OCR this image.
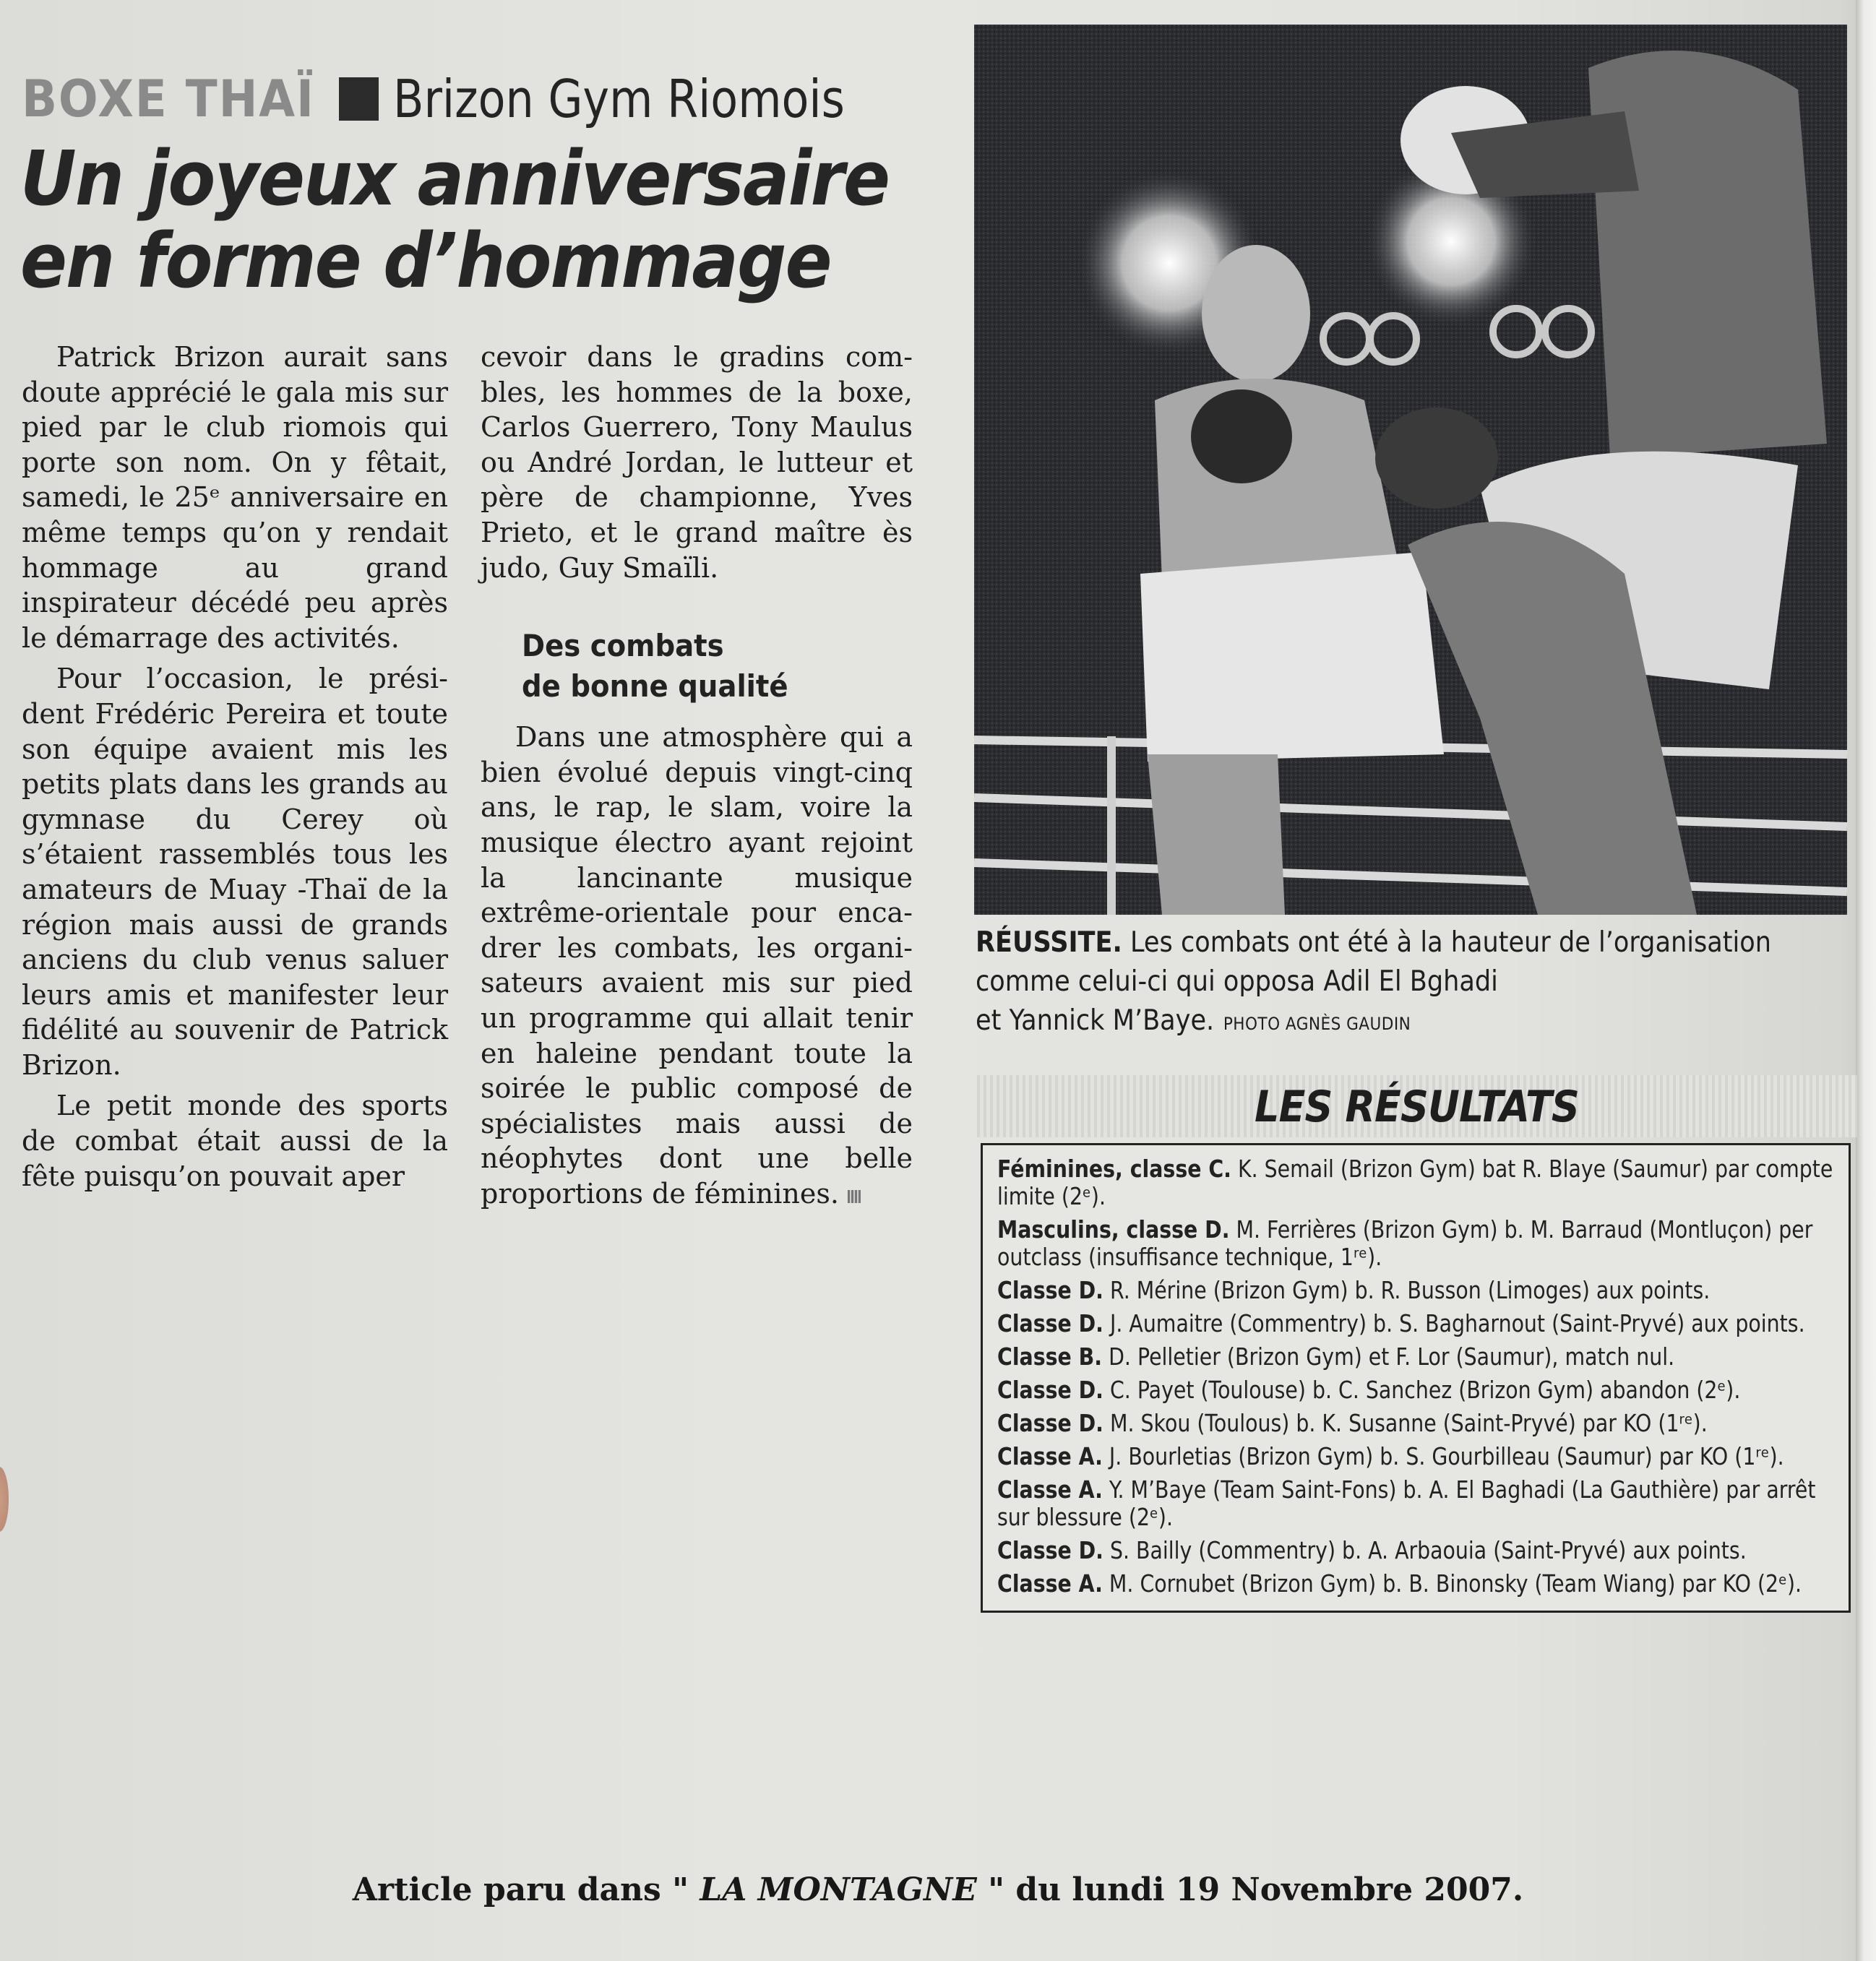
BOXE THAÏ Brizon Gym Riomois
Un joyeux anniversaire
en forme d’hommage

Patrick Brizon aurait sans doute apprécié le gala mis sur pied par le club riomois qui porte son nom. On y fêtait, samedi, le 25ᵉ anniversaire en même temps qu’on y rendait hommage au grand inspirateur décédé peu après le démarrage des activités.

Pour l’occasion, le président Frédéric Pereira et toute son équipe avaient mis les petits plats dans les grands au gymnase du Cerey où s’étaient rassemblés tous les amateurs de Muay -Thaï de la région mais aussi de grands anciens du club venus saluer leurs amis et manifester leur fidélité au souvenir de Patrick Brizon.

Le petit monde des sports de combat était aussi de la fête puisqu’on pouvait aper

cevoir dans le gradins combles, les hommes de la boxe, Carlos Guerrero, Tony Maulus ou André Jordan, le lutteur et père de championne, Yves Prieto, et le grand maître ès judo, Guy Smaïli.

Des combats
de bonne qualité

Dans une atmosphère qui a bien évolué depuis vingt-cinq ans, le rap, le slam, voire la musique électro ayant rejoint la lancinante musique extrême-orientale pour encadrer les combats, les organisateurs avaient mis sur pied un programme qui allait tenir en haleine pendant toute la soirée le public composé de spécialistes mais aussi de néophytes dont une belle proportions de féminines.

RÉUSSITE. Les combats ont été à la hauteur de l’organisation
comme celui-ci qui opposa Adil El Bghadi
et Yannick M’Baye. PHOTO AGNÈS GAUDIN
LES RÉSULTATS
Féminines, classe C. K. Semail (Brizon Gym) bat R. Blaye (Saumur) par compte limite (2ᵉ).
Masculins, classe D. M. Ferrières (Brizon Gym) b. M. Barraud (Montluçon) per outclass (insuffisance technique, 1ʳᵉ).
Classe D. R. Mérine (Brizon Gym) b. R. Busson (Limoges) aux points.
Classe D. J. Aumaitre (Commentry) b. S. Bagharnout (Saint-Pryvé) aux points.
Classe B. D. Pelletier (Brizon Gym) et F. Lor (Saumur), match nul.
Classe D. C. Payet (Toulouse) b. C. Sanchez (Brizon Gym) abandon (2ᵉ).
Classe D. M. Skou (Toulous) b. K. Susanne (Saint-Pryvé) par KO (1ʳᵉ).
Classe A. J. Bourletias (Brizon Gym) b. S. Gourbilleau (Saumur) par KO (1ʳᵉ).
Classe A. Y. M’Baye (Team Saint-Fons) b. A. El Baghadi (La Gauthière) par arrêt sur blessure (2ᵉ).
Classe D. S. Bailly (Commentry) b. A. Arbaouia (Saint-Pryvé) aux points.
Classe A. M. Cornubet (Brizon Gym) b. B. Binonsky (Team Wiang) par KO (2ᵉ).
Article paru dans " LA MONTAGNE " du lundi 19 Novembre 2007.
